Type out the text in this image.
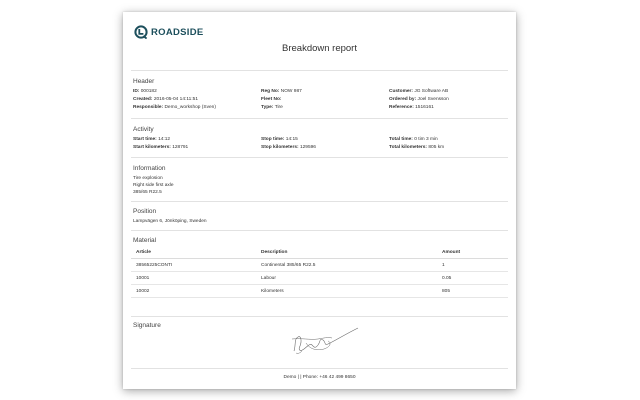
ROADSIDE
Breakdown report
Header
ID: 000182
Created: 2016-05-04 14:11:51
Responsible: Demo_workshop (Sven)
Reg No: NOW 987
Fleet No:
Type: Tire
Customer: JG Software AB
Ordered by: Joel Svensson
Reference: 1516161
Activity
Start time: 14:12
Start kilometers: 128791
Stop time: 14:15
Stop kilometers: 129596
Total time: 0 tim 3 min
Total kilometers: 805 km
Information
Tire explosion
Right side first axle
385/65 R22.5
Position
Lampvägen 6, Jönköping, Sweden
Material
Article	Description	Amount
38565225CONTI	Continental 385/65 R22.5	1
10001	Labour	0.05
10002	Kilometers	805
Signature
Demo | | Phone: +46 42 499 8650
